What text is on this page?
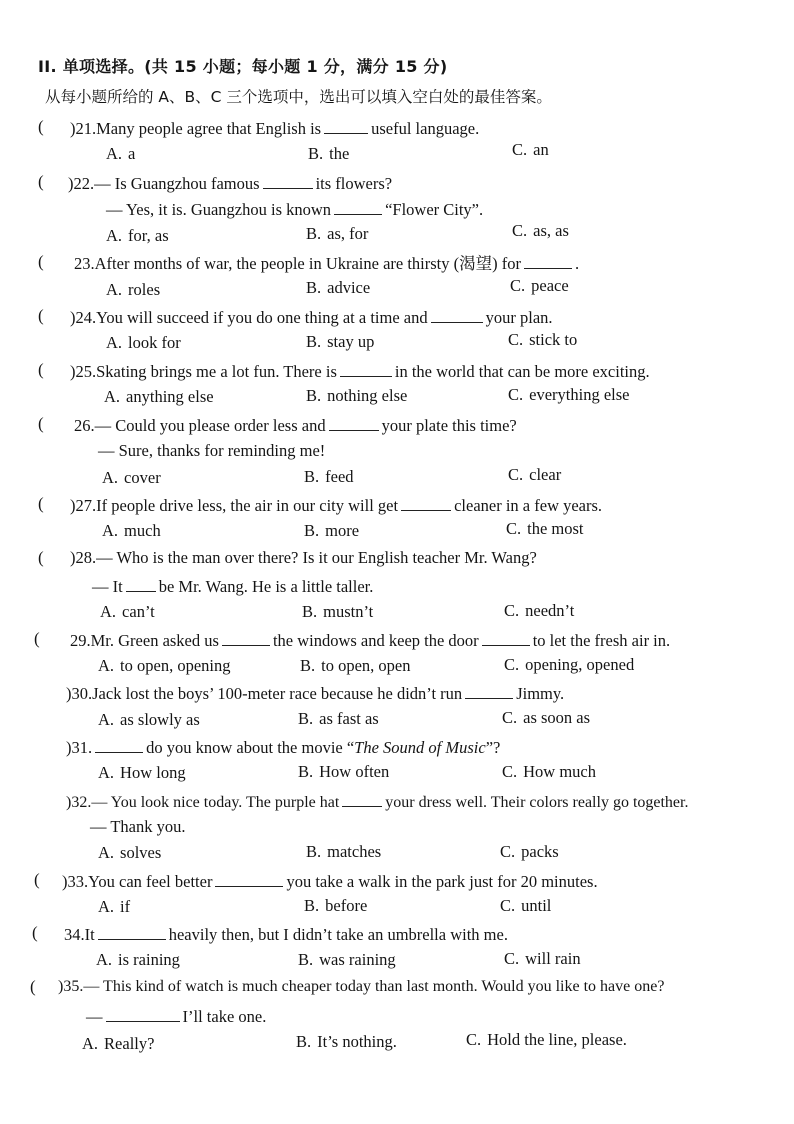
II. 单项选择。(共 15 小题；每小题 1 分，满分 15 分)
从每小题所给的 A、B、C 三个选项中，选出可以填入空白处的最佳答案。
( )21.Many people agree that English is	useful language.
A. a	B. the	C. an
( )22.— Is Guangzhou famous	its flowers?
— Yes, it is. Guangzhou is known	“Flower City”.
A. for, as	B. as, for	C. as, as
( 23.After months of war, the people in Ukraine are thirsty (渴望) for	.
A. roles	B. advice	C. peace
( )24.You will succeed if you do one thing at a time and	your plan.
A. look for	B. stay up	C. stick to
( )25.Skating brings me a lot fun. There is	in the world that can be more exciting.
A. anything else	B. nothing else	C. everything else
( 26.— Could you please order less and	your plate this time?
— Sure, thanks for reminding me!
A. cover	B. feed	C. clear
( )27.If people drive less, the air in our city will get	cleaner in a few years.
A. much	B. more	C. the most
( )28.— Who is the man over there? Is it our English teacher Mr. Wang?
— It be Mr. Wang. He is a little taller.
A. can’t	B. mustn’t	C. needn’t
( 29.Mr. Green asked us	the windows and keep the door	to let the fresh air in.
A. to open, opening	B. to open, open	C. opening, opened
)30.Jack lost the boys’ 100-meter race because he didn’t run	Jimmy.
A. as slowly as	B. as fast as	C. as soon as
)31.	do you know about the movie “The Sound of Music”?
A. How long	B. How often	C. How much
)32.— You look nice today. The purple hat	your dress well. Their colors really go together.
— Thank you.
A. solves	B. matches	C. packs
( )33.You can feel better	you take a walk in the park just for 20 minutes.
A. if	B. before	C. until
( 34.It	heavily then, but I didn’t take an umbrella with me.
A. is raining	B. was raining	C. will rain
( )35.— This kind of watch is much cheaper today than last month. Would you like to have one?
—	I’ll take one.
A. Really?	B. It’s nothing.	C. Hold the line, please.
